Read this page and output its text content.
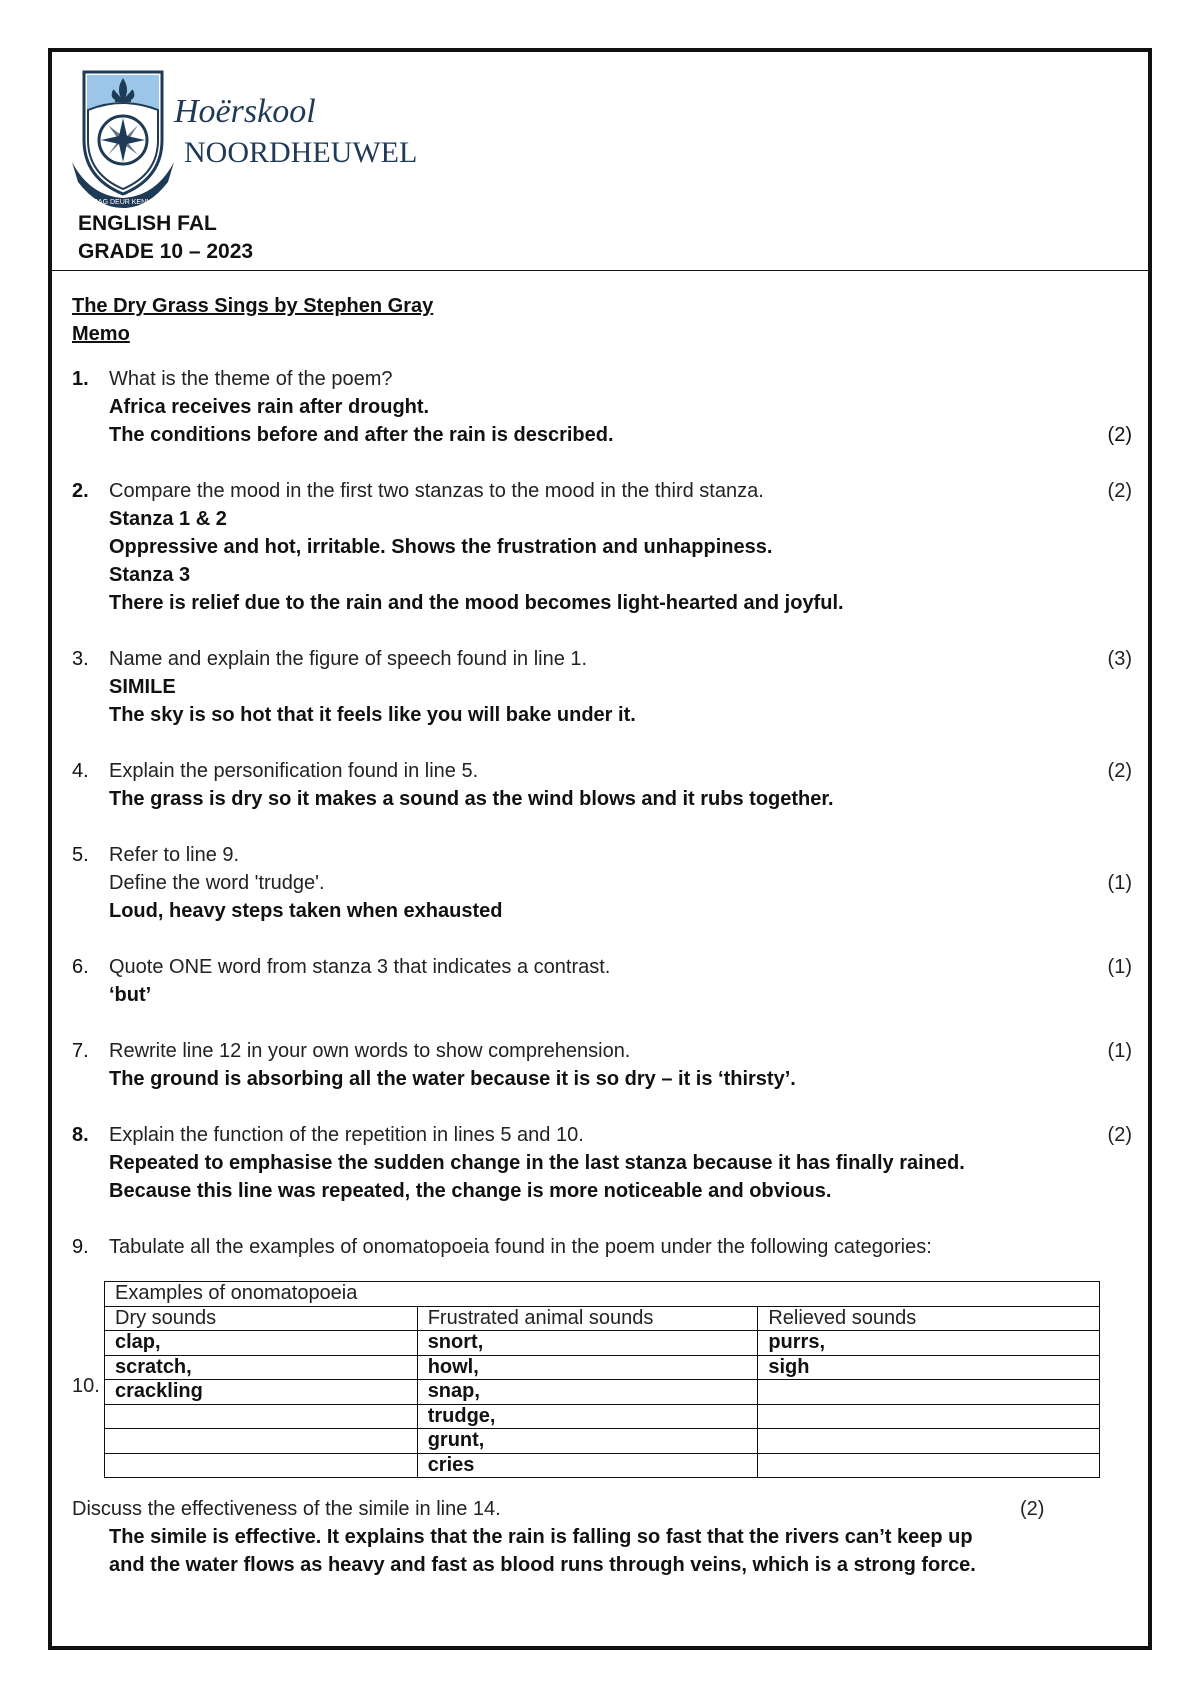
KRAG DEUR KENNIS
Hoërskool
NOORDHEUWEL
ENGLISH FAL
GRADE 10 – 2023
The Dry Grass Sings by Stephen Gray
Memo
1.	What is the theme of the poem?
Africa receives rain after drought.
The conditions before and after the rain is described.	(2)
2.	Compare the mood in the first two stanzas to the mood in the third stanza.	(2)
Stanza 1 & 2
Oppressive and hot, irritable. Shows the frustration and unhappiness.
Stanza 3
There is relief due to the rain and the mood becomes light-hearted and joyful.
3.	Name and explain the figure of speech found in line 1.	(3)
SIMILE
The sky is so hot that it feels like you will bake under it.
4.	Explain the personification found in line 5.	(2)
The grass is dry so it makes a sound as the wind blows and it rubs together.
5.	Refer to line 9.
Define the word 'trudge'.	(1)
Loud, heavy steps taken when exhausted
6.	Quote ONE word from stanza 3 that indicates a contrast.	(1)
‘but’
7.	Rewrite line 12 in your own words to show comprehension.	(1)
The ground is absorbing all the water because it is so dry – it is ‘thirsty’.
8.	Explain the function of the repetition in lines 5 and 10.	(2)
Repeated to emphasise the sudden change in the last stanza because it has finally rained.
Because this line was repeated, the change is more noticeable and obvious.
9.	Tabulate all the examples of onomatopoeia found in the poem under the following categories:
Examples of onomatopoeia		
Dry sounds	Frustrated animal sounds	Relieved sounds
clap,	snort,	purrs,
scratch,	howl,	sigh
crackling	snap,	
	trudge,	
	grunt,	
	cries	
10.
Discuss the effectiveness of the simile in line 14.	(2)
The simile is effective. It explains that the rain is falling so fast that the rivers can’t keep up
and the water flows as heavy and fast as blood runs through veins, which is a strong force.
